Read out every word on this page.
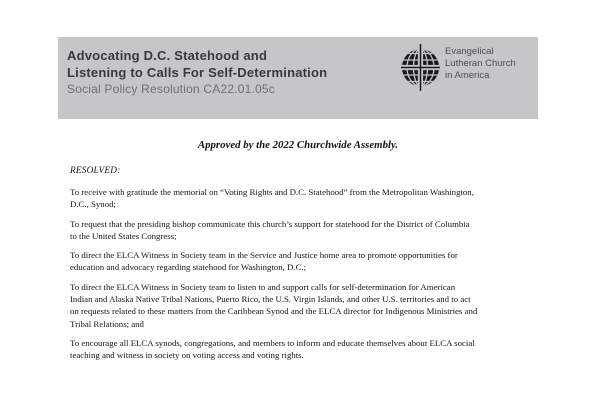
Advocating D.C. Statehood and
Listening to Calls For Self-Determination
Social Policy Resolution CA22.01.05c
Evangelical
Lutheran Church
in America
Approved by the 2022 Churchwide Assembly.
RESOLVED:
To receive with gratitude the memorial on “Voting Rights and D.C. Statehood” from the Metropolitan Washington,
D.C., Synod;
To request that the presiding bishop communicate this church’s support for statehood for the District of Columbia
to the United States Congress;
To direct the ELCA Witness in Society team in the Service and Justice home area to promote opportunities for
education and advocacy regarding statehood for Washington, D.C.;
To direct the ELCA Witness in Society team to listen to and support calls for self-determination for American
Indian and Alaska Native Tribal Nations, Puerto Rico, the U.S. Virgin Islands, and other U.S. territories and to act
on requests related to these matters from the Caribbean Synod and the ELCA director for Indigenous Ministries and
Tribal Relations; and
To encourage all ELCA synods, congregations, and members to inform and educate themselves about ELCA social
teaching and witness in society on voting access and voting rights.
